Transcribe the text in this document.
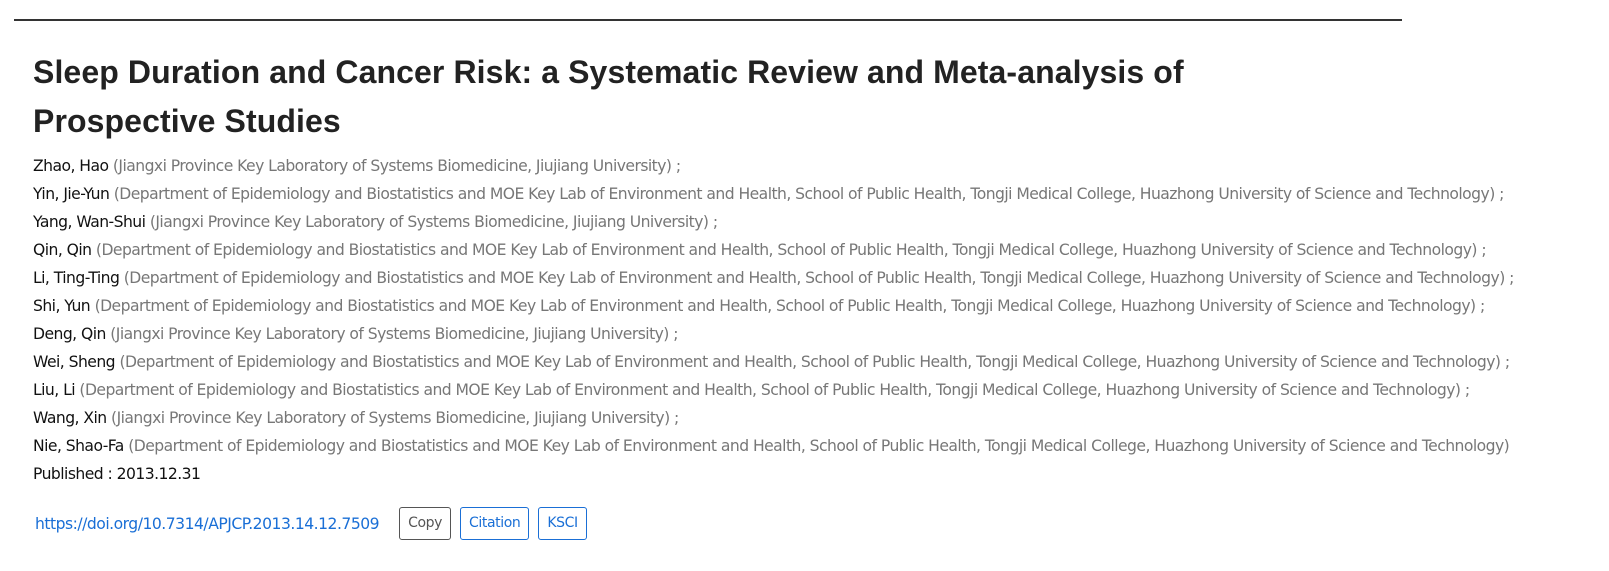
Sleep Duration and Cancer Risk: a Systematic Review and Meta-analysis of Prospective Studies
Zhao, Hao (Jiangxi Province Key Laboratory of Systems Biomedicine, Jiujiang University) ;
Yin, Jie-Yun (Department of Epidemiology and Biostatistics and MOE Key Lab of Environment and Health, School of Public Health, Tongji Medical College, Huazhong University of Science and Technology) ;
Yang, Wan-Shui (Jiangxi Province Key Laboratory of Systems Biomedicine, Jiujiang University) ;
Qin, Qin (Department of Epidemiology and Biostatistics and MOE Key Lab of Environment and Health, School of Public Health, Tongji Medical College, Huazhong University of Science and Technology) ;
Li, Ting-Ting (Department of Epidemiology and Biostatistics and MOE Key Lab of Environment and Health, School of Public Health, Tongji Medical College, Huazhong University of Science and Technology) ;
Shi, Yun (Department of Epidemiology and Biostatistics and MOE Key Lab of Environment and Health, School of Public Health, Tongji Medical College, Huazhong University of Science and Technology) ;
Deng, Qin (Jiangxi Province Key Laboratory of Systems Biomedicine, Jiujiang University) ;
Wei, Sheng (Department of Epidemiology and Biostatistics and MOE Key Lab of Environment and Health, School of Public Health, Tongji Medical College, Huazhong University of Science and Technology) ;
Liu, Li (Department of Epidemiology and Biostatistics and MOE Key Lab of Environment and Health, School of Public Health, Tongji Medical College, Huazhong University of Science and Technology) ;
Wang, Xin (Jiangxi Province Key Laboratory of Systems Biomedicine, Jiujiang University) ;
Nie, Shao-Fa (Department of Epidemiology and Biostatistics and MOE Key Lab of Environment and Health, School of Public Health, Tongji Medical College, Huazhong University of Science and Technology)
Published : 2013.12.31
https://doi.org/10.7314/APJCP.2013.14.12.7509	Copy	Citation	KSCI
